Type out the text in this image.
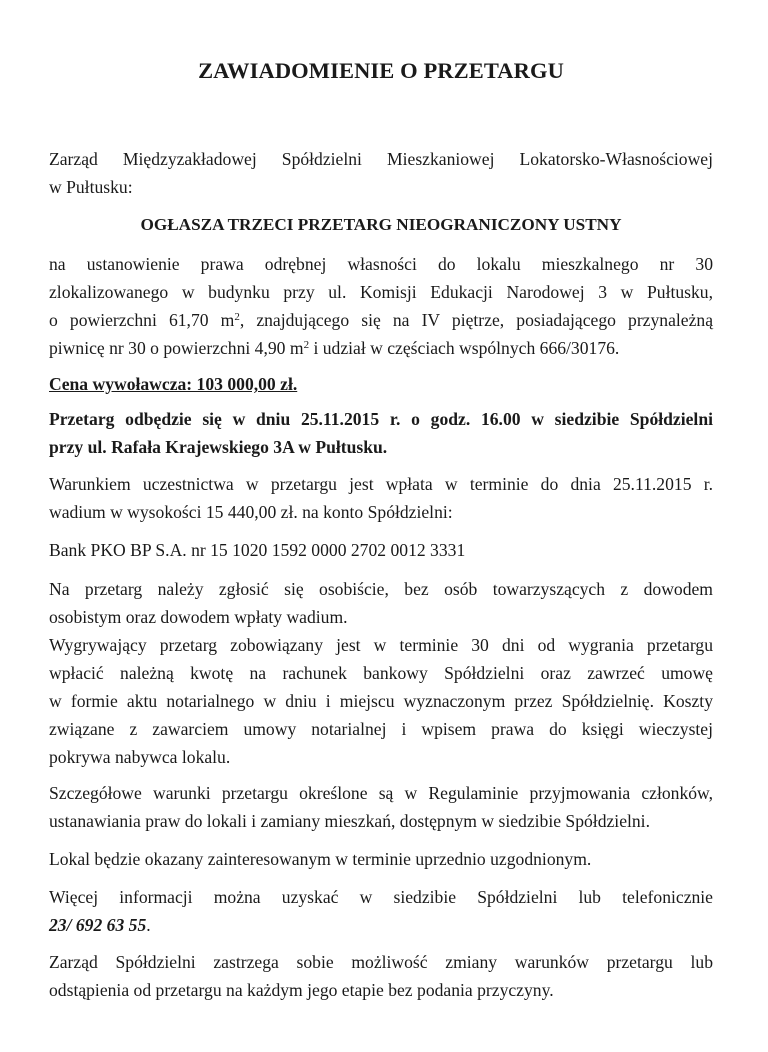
ZAWIADOMIENIE O PRZETARGU

Zarząd Międzyzakładowej Spółdzielni Mieszkaniowej Lokatorsko-Własnościowej
w Pułtusku:

OGŁASZA TRZECI PRZETARG NIEOGRANICZONY USTNY

na ustanowienie prawa odrębnej własności do lokalu mieszkalnego nr 30
zlokalizowanego w budynku przy ul. Komisji Edukacji Narodowej 3 w Pułtusku,
o powierzchni 61,70 $m^2$, znajdującego się na IV piętrze, posiadającego przynależną
piwnicę nr 30 o powierzchni 4,90 $m^2$ i udział w częściach wspólnych 666/30176.

Cena wywoławcza: 103 000,00 zł.

Przetarg odbędzie się w dniu 25.11.2015 r. o godz. 16.00 w siedzibie Spółdzielni
przy ul. Rafała Krajewskiego 3A w Pułtusku.

Warunkiem uczestnictwa w przetargu jest wpłata w terminie do dnia 25.11.2015 r.
wadium w wysokości 15 440,00 zł. na konto Spółdzielni:

Bank PKO BP S.A. nr 15 1020 1592 0000 2702 0012 3331

Na przetarg należy zgłosić się osobiście, bez osób towarzyszących z dowodem
osobistym oraz dowodem wpłaty wadium.

Wygrywający przetarg zobowiązany jest w terminie 30 dni od wygrania przetargu
wpłacić należną kwotę na rachunek bankowy Spółdzielni oraz zawrzeć umowę
w formie aktu notarialnego w dniu i miejscu wyznaczonym przez Spółdzielnię. Koszty
związane z zawarciem umowy notarialnej i wpisem prawa do księgi wieczystej
pokrywa nabywca lokalu.

Szczegółowe warunki przetargu określone są w Regulaminie przyjmowania członków,
ustanawiania praw do lokali i zamiany mieszkań, dostępnym w siedzibie Spółdzielni.

Lokal będzie okazany zainteresowanym w terminie uprzednio uzgodnionym.

Więcej informacji można uzyskać w siedzibie Spółdzielni lub telefonicznie
23/ 692 63 55.

Zarząd Spółdzielni zastrzega sobie możliwość zmiany warunków przetargu lub
odstąpienia od przetargu na każdym jego etapie bez podania przyczyny.
